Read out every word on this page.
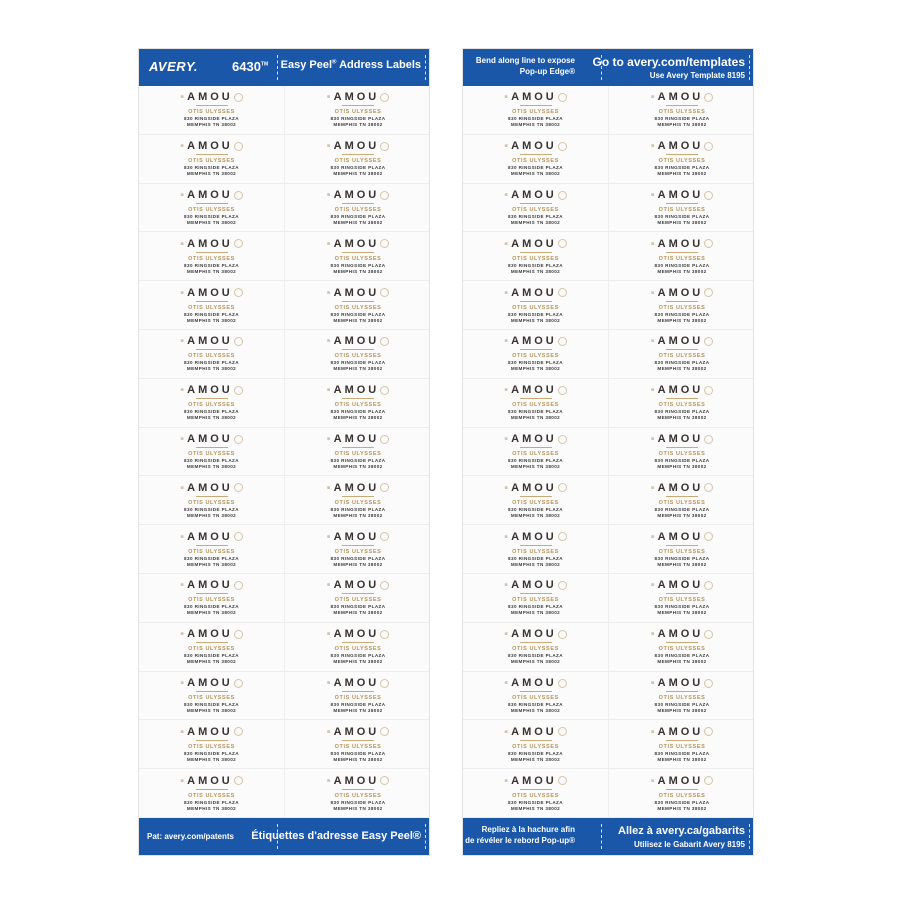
AVERY.	6430™ Easy Peel® Address Labels
▪AMOU
OTIS ULYSSES
830 RINGSIDE PLAZA
MEMPHIS TN 38002
▪AMOU
OTIS ULYSSES
830 RINGSIDE PLAZA
MEMPHIS TN 38002
▪AMOU
OTIS ULYSSES
830 RINGSIDE PLAZA
MEMPHIS TN 38002
▪AMOU
OTIS ULYSSES
830 RINGSIDE PLAZA
MEMPHIS TN 38002
▪AMOU
OTIS ULYSSES
830 RINGSIDE PLAZA
MEMPHIS TN 38002
▪AMOU
OTIS ULYSSES
830 RINGSIDE PLAZA
MEMPHIS TN 38002
▪AMOU
OTIS ULYSSES
830 RINGSIDE PLAZA
MEMPHIS TN 38002
▪AMOU
OTIS ULYSSES
830 RINGSIDE PLAZA
MEMPHIS TN 38002
▪AMOU
OTIS ULYSSES
830 RINGSIDE PLAZA
MEMPHIS TN 38002
▪AMOU
OTIS ULYSSES
830 RINGSIDE PLAZA
MEMPHIS TN 38002
▪AMOU
OTIS ULYSSES
830 RINGSIDE PLAZA
MEMPHIS TN 38002
▪AMOU
OTIS ULYSSES
830 RINGSIDE PLAZA
MEMPHIS TN 38002
▪AMOU
OTIS ULYSSES
830 RINGSIDE PLAZA
MEMPHIS TN 38002
▪AMOU
OTIS ULYSSES
830 RINGSIDE PLAZA
MEMPHIS TN 38002
▪AMOU
OTIS ULYSSES
830 RINGSIDE PLAZA
MEMPHIS TN 38002
▪AMOU
OTIS ULYSSES
830 RINGSIDE PLAZA
MEMPHIS TN 38002
▪AMOU
OTIS ULYSSES
830 RINGSIDE PLAZA
MEMPHIS TN 38002
▪AMOU
OTIS ULYSSES
830 RINGSIDE PLAZA
MEMPHIS TN 38002
▪AMOU
OTIS ULYSSES
830 RINGSIDE PLAZA
MEMPHIS TN 38002
▪AMOU
OTIS ULYSSES
830 RINGSIDE PLAZA
MEMPHIS TN 38002
▪AMOU
OTIS ULYSSES
830 RINGSIDE PLAZA
MEMPHIS TN 38002
▪AMOU
OTIS ULYSSES
830 RINGSIDE PLAZA
MEMPHIS TN 38002
▪AMOU
OTIS ULYSSES
830 RINGSIDE PLAZA
MEMPHIS TN 38002
▪AMOU
OTIS ULYSSES
830 RINGSIDE PLAZA
MEMPHIS TN 38002
▪AMOU
OTIS ULYSSES
830 RINGSIDE PLAZA
MEMPHIS TN 38002
▪AMOU
OTIS ULYSSES
830 RINGSIDE PLAZA
MEMPHIS TN 38002
▪AMOU
OTIS ULYSSES
830 RINGSIDE PLAZA
MEMPHIS TN 38002
▪AMOU
OTIS ULYSSES
830 RINGSIDE PLAZA
MEMPHIS TN 38002
▪AMOU
OTIS ULYSSES
830 RINGSIDE PLAZA
MEMPHIS TN 38002
▪AMOU
OTIS ULYSSES
830 RINGSIDE PLAZA
MEMPHIS TN 38002
Pat: avery.com/patents Étiquettes d'adresse Easy Peel®
Bend along line to expose
Pop-up Edge®
Go to avery.com/templates
Use Avery Template 8195
▪AMOU
OTIS ULYSSES
830 RINGSIDE PLAZA
MEMPHIS TN 38002
▪AMOU
OTIS ULYSSES
830 RINGSIDE PLAZA
MEMPHIS TN 38002
▪AMOU
OTIS ULYSSES
830 RINGSIDE PLAZA
MEMPHIS TN 38002
▪AMOU
OTIS ULYSSES
830 RINGSIDE PLAZA
MEMPHIS TN 38002
▪AMOU
OTIS ULYSSES
830 RINGSIDE PLAZA
MEMPHIS TN 38002
▪AMOU
OTIS ULYSSES
830 RINGSIDE PLAZA
MEMPHIS TN 38002
▪AMOU
OTIS ULYSSES
830 RINGSIDE PLAZA
MEMPHIS TN 38002
▪AMOU
OTIS ULYSSES
830 RINGSIDE PLAZA
MEMPHIS TN 38002
▪AMOU
OTIS ULYSSES
830 RINGSIDE PLAZA
MEMPHIS TN 38002
▪AMOU
OTIS ULYSSES
830 RINGSIDE PLAZA
MEMPHIS TN 38002
▪AMOU
OTIS ULYSSES
830 RINGSIDE PLAZA
MEMPHIS TN 38002
▪AMOU
OTIS ULYSSES
830 RINGSIDE PLAZA
MEMPHIS TN 38002
▪AMOU
OTIS ULYSSES
830 RINGSIDE PLAZA
MEMPHIS TN 38002
▪AMOU
OTIS ULYSSES
830 RINGSIDE PLAZA
MEMPHIS TN 38002
▪AMOU
OTIS ULYSSES
830 RINGSIDE PLAZA
MEMPHIS TN 38002
▪AMOU
OTIS ULYSSES
830 RINGSIDE PLAZA
MEMPHIS TN 38002
▪AMOU
OTIS ULYSSES
830 RINGSIDE PLAZA
MEMPHIS TN 38002
▪AMOU
OTIS ULYSSES
830 RINGSIDE PLAZA
MEMPHIS TN 38002
▪AMOU
OTIS ULYSSES
830 RINGSIDE PLAZA
MEMPHIS TN 38002
▪AMOU
OTIS ULYSSES
830 RINGSIDE PLAZA
MEMPHIS TN 38002
▪AMOU
OTIS ULYSSES
830 RINGSIDE PLAZA
MEMPHIS TN 38002
▪AMOU
OTIS ULYSSES
830 RINGSIDE PLAZA
MEMPHIS TN 38002
▪AMOU
OTIS ULYSSES
830 RINGSIDE PLAZA
MEMPHIS TN 38002
▪AMOU
OTIS ULYSSES
830 RINGSIDE PLAZA
MEMPHIS TN 38002
▪AMOU
OTIS ULYSSES
830 RINGSIDE PLAZA
MEMPHIS TN 38002
▪AMOU
OTIS ULYSSES
830 RINGSIDE PLAZA
MEMPHIS TN 38002
▪AMOU
OTIS ULYSSES
830 RINGSIDE PLAZA
MEMPHIS TN 38002
▪AMOU
OTIS ULYSSES
830 RINGSIDE PLAZA
MEMPHIS TN 38002
▪AMOU
OTIS ULYSSES
830 RINGSIDE PLAZA
MEMPHIS TN 38002
▪AMOU
OTIS ULYSSES
830 RINGSIDE PLAZA
MEMPHIS TN 38002
Repliez à la hachure afin
de révéler le rebord Pop-up®
Allez à avery.ca/gabarits
Utilisez le Gabarit Avery 8195
